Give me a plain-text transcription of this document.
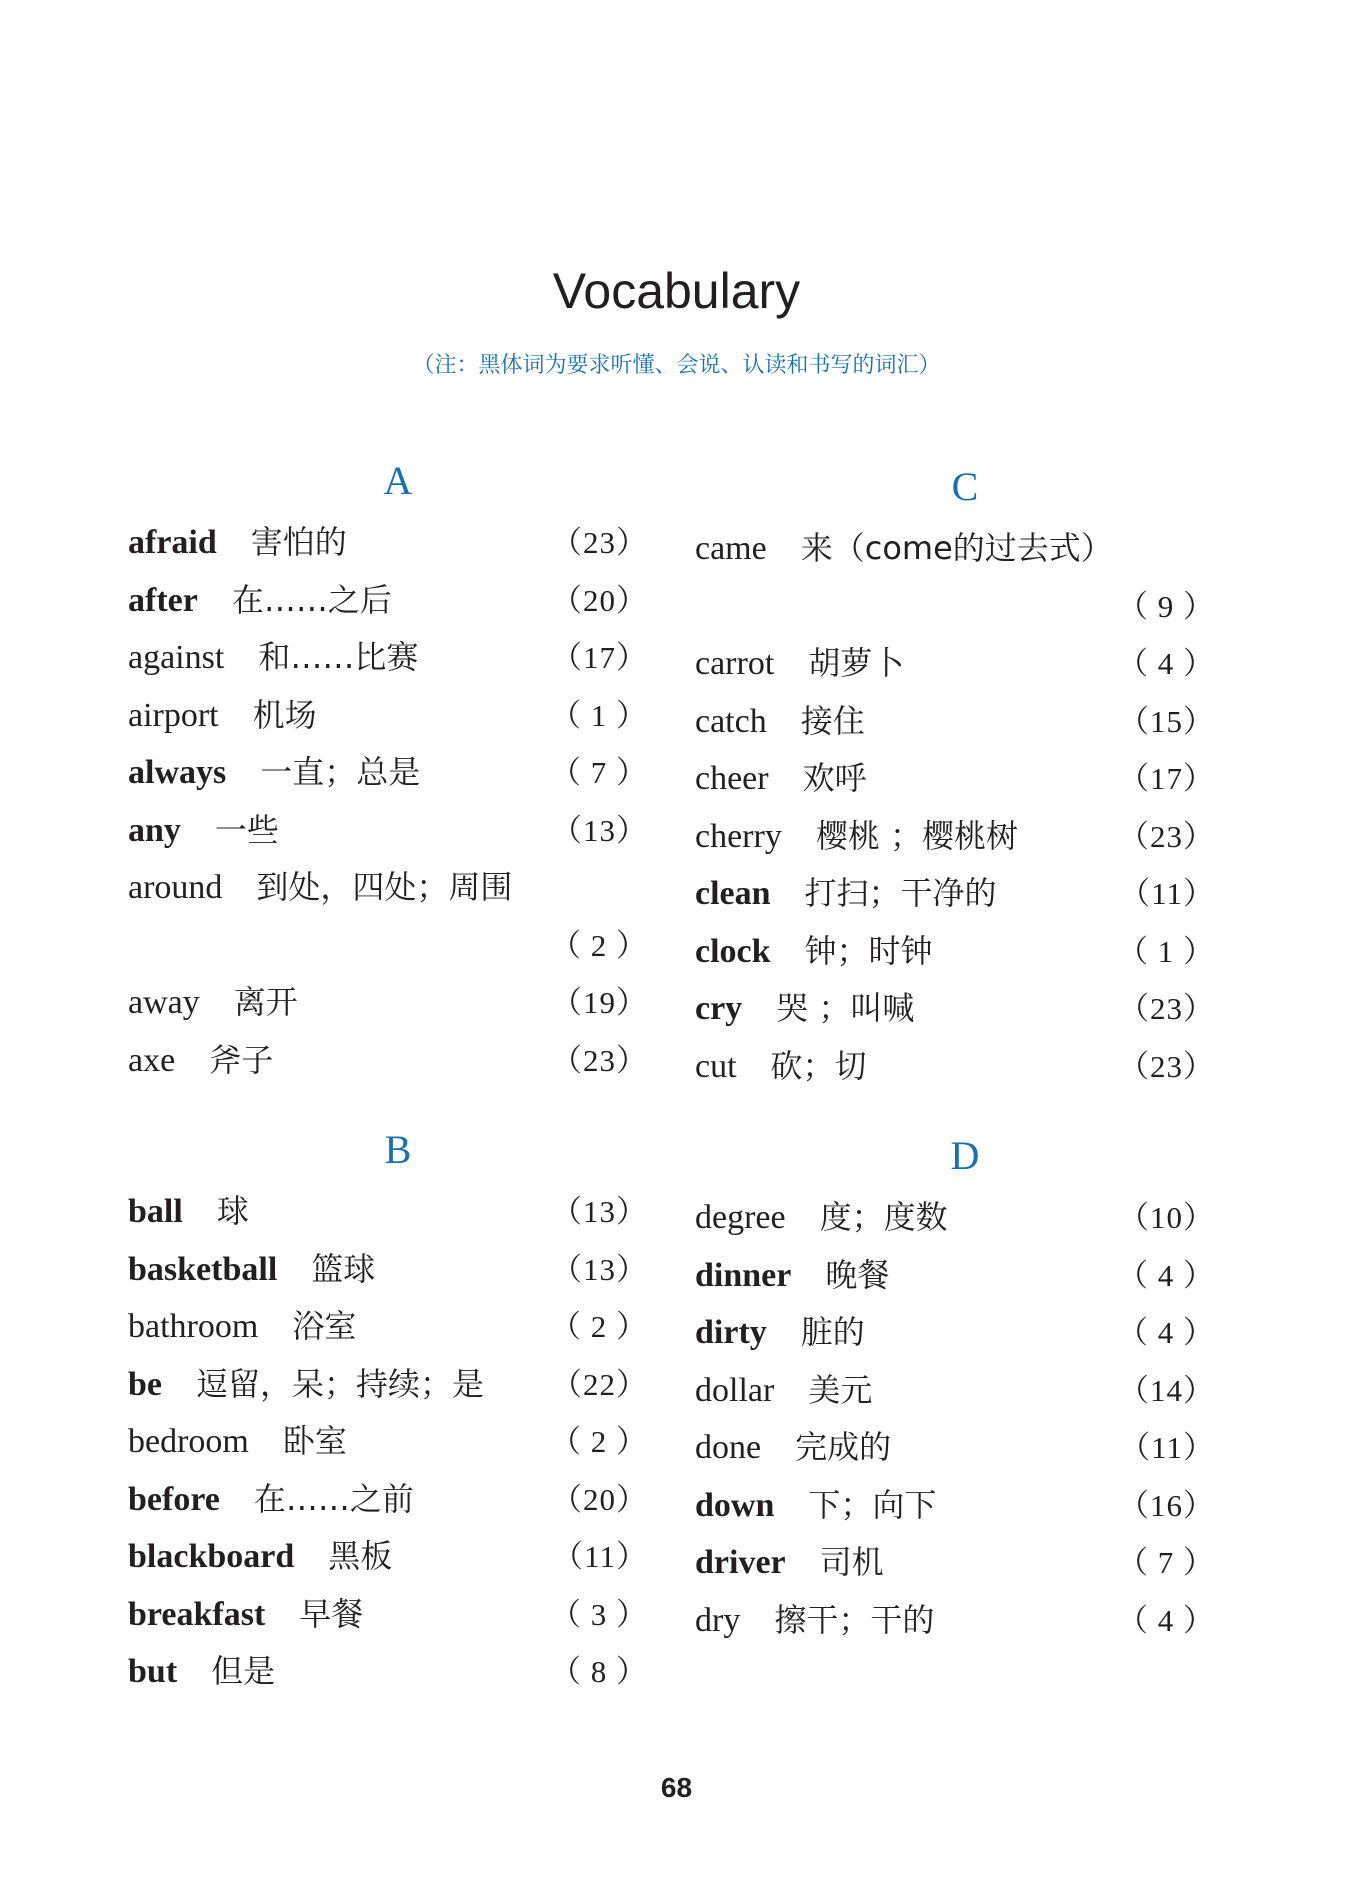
Vocabulary
（注：黑体词为要求听懂、会说、认读和书写的词汇）
A
afraid 害怕的	（23）
after 在……之后	（20）
against 和……比赛	（17）
airport 机场	（ 1 ）
always 一直；总是	（ 7 ）
any 一些	（13）
around 到处，四处；周围
（ 2 ）
away 离开	（19）
axe 斧子	（23）
B
ball 球	（13）
basketball 篮球	（13）
bathroom 浴室	（ 2 ）
be 逗留，呆；持续；是 （22）
bedroom 卧室	（ 2 ）
before 在……之前	（20）
blackboard 黑板	（11）
breakfast 早餐	（ 3 ）
but 但是	（ 8 ）
C
came 来（come的过去式）
（ 9 ）
carrot 胡萝卜	（ 4 ）
catch 接住	（15）
cheer 欢呼	（17）
cherry 樱桃 ；樱桃树	（23）
clean 打扫；干净的	（11）
clock 钟；时钟	（ 1 ）
cry 哭 ；叫喊	（23）
cut 砍；切	（23）
D
degree 度；度数	（10）
dinner 晚餐	（ 4 ）
dirty 脏的	（ 4 ）
dollar 美元	（14）
done 完成的	（11）
down 下；向下	（16）
driver 司机	（ 7 ）
dry 擦干；干的	（ 4 ）
68
